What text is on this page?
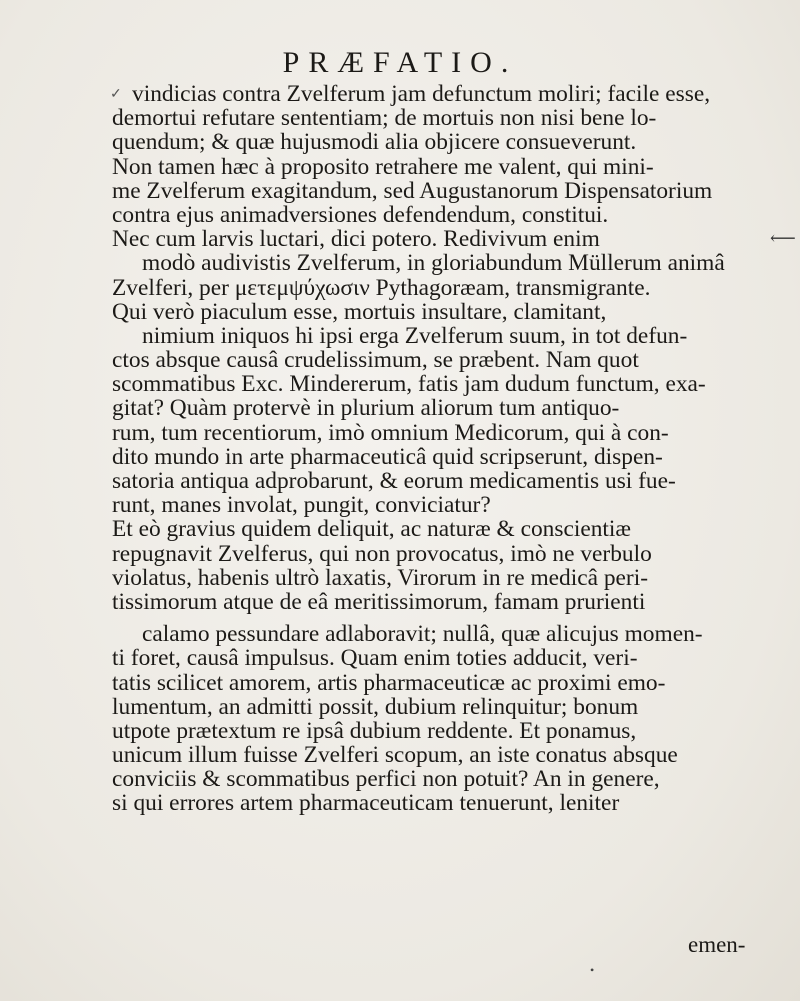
PRÆFATIO.
✓
⟵
vindicias contra Zvelferum jam defunctum moliri; facile esse,
demortui refutare sententiam; de mortuis non nisi bene lo-
quendum; & quæ hujusmodi alia objicere consueverunt.
Non tamen hæc à proposito retrahere me valent, qui mini-
me Zvelferum exagitandum, sed Augustanorum Dispensatorium
contra ejus animadversiones defendendum, constitui.
Nec cum larvis luctari, dici potero. Redivivum enim
modò audivistis Zvelferum, in gloriabundum Müllerum animâ
Zvelferi, per μετεμψύχωσιν Pythagoræam, transmigrante.
Qui verò piaculum esse, mortuis insultare, clamitant,
nimium iniquos hi ipsi erga Zvelferum suum, in tot defun-
ctos absque causâ crudelissimum, se præbent. Nam quot
scommatibus Exc. Mindererum, fatis jam dudum functum, exa-
gitat? Quàm protervè in plurium aliorum tum antiquo-
rum, tum recentiorum, imò omnium Medicorum, qui à con-
dito mundo in arte pharmaceuticâ quid scripserunt, dispen-
satoria antiqua adprobarunt, & eorum medicamentis usi fue-
runt, manes involat, pungit, conviciatur?
Et eò gravius quidem deliquit, ac naturæ & conscientiæ
repugnavit Zvelferus, qui non provocatus, imò ne verbulo
violatus, habenis ultrò laxatis, Virorum in re medicâ peri-
tissimorum atque de eâ meritissimorum, famam prurienti
calamo pessundare adlaboravit; nullâ, quæ alicujus momen-
ti foret, causâ impulsus. Quam enim toties adducit, veri-
tatis scilicet amorem, artis pharmaceuticæ ac proximi emo-
lumentum, an admitti possit, dubium relinquitur; bonum
utpote prætextum re ipsâ dubium reddente. Et ponamus,
unicum illum fuisse Zvelferi scopum, an iste conatus absque
conviciis & scommatibus perfici non potuit? An in genere,
si qui errores artem pharmaceuticam tenuerunt, leniter
emen-
•
